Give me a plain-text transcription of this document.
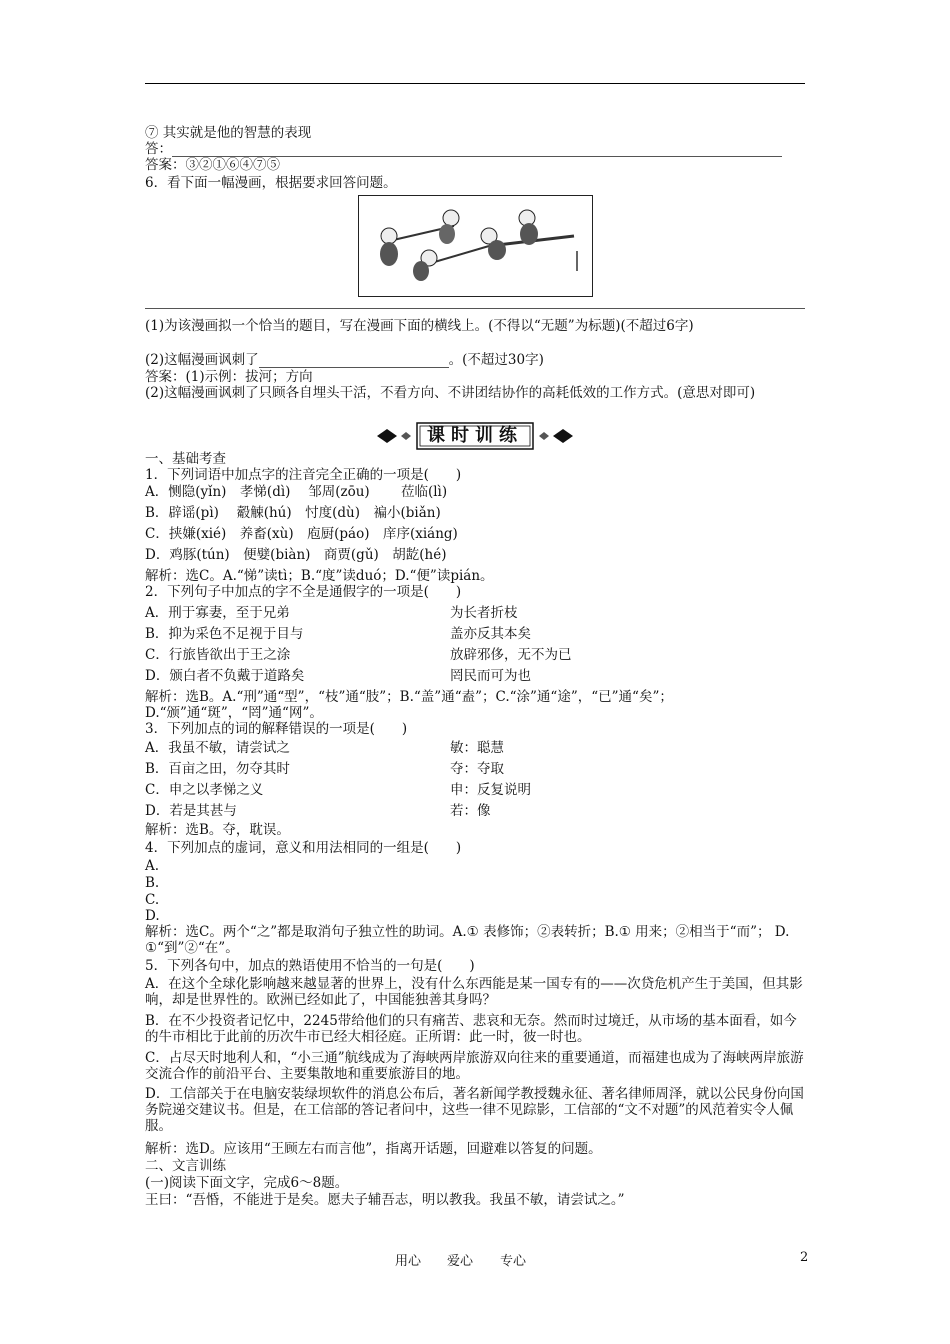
⑦ 其实就是他的智慧的表现
答：
答案：③②①⑥④⑦⑤
6．看下面一幅漫画，根据要求回答问题。
(1)为该漫画拟一个恰当的题目，写在漫画下面的横线上。(不得以“无题”为标题)(不超过6字)
(2)这幅漫画讽刺了	。(不超过30字)
答案：(1)示例：拔河；方向
(2)这幅漫画讽刺了只顾各自埋头干活，不看方向、不讲团结协作的高耗低效的工作方式。(意思对即可)
课时训练
一、基础考查
1．下列词语中加点字的注音完全正确的一项是(　　)
A．恻隐(yǐn)　孝悌(dì)　 邹周(zōu)　　 莅临(lì)
B．辟谣(pì)　 觳觫(hú)　忖度(dù)　褊小(biǎn)
C．挟嫌(xié)　养畜(xù)　庖厨(páo)　庠序(xiáng)
D．鸡豚(tún)　便嬖(biàn)　商贾(gǔ)　胡龁(hé)
解析：选C。A.“悌”读tì；B.“度”读duó；D.“便”读pián。
2．下列句子中加点的字不全是通假字的一项是(　　)
A．刑于寡妻，至于兄弟	为长者折枝
B．抑为采色不足视于目与	盖亦反其本矣
C．行旅皆欲出于王之涂	放辟邪侈，无不为已
D．颁白者不负戴于道路矣	罔民而可为也
解析：选B。A.“刑”通“型”，“枝”通“肢”；B.“盖”通“盍”；C.“涂”通“途”，“已”通“矣”；D.“颁”通“斑”，“罔”通“网”。
3．下列加点的词的解释错误的一项是(　　)
A．我虽不敏，请尝试之	敏：聪慧
B．百亩之田，勿夺其时	夺：夺取
C．申之以孝悌之义	申：反复说明
D．若是其甚与	若：像
解析：选B。夺，耽误。
4．下列加点的虚词，意义和用法相同的一组是(　　)
A.
B.
C.
D.
解析：选C。两个“之”都是取消句子独立性的助词。A.① 表修饰；②表转折；B.① 用来；②相当于“而”； D. ①“到”②“在”。
5．下列各句中，加点的熟语使用不恰当的一句是(　　)
A．在这个全球化影响越来越显著的世界上，没有什么东西能是某一国专有的——次贷危机产生于美国，但其影响，却是世界性的。欧洲已经如此了，中国能独善其身吗？
B．在不少投资者记忆中，2245带给他们的只有痛苦、悲哀和无奈。然而时过境迁，从市场的基本面看，如今的牛市相比于此前的历次牛市已经大相径庭。正所谓：此一时，彼一时也。
C．占尽天时地利人和，“小三通”航线成为了海峡两岸旅游双向往来的重要通道，而福建也成为了海峡两岸旅游交流合作的前沿平台、主要集散地和重要旅游目的地。
D．工信部关于在电脑安装绿坝软件的消息公布后，著名新闻学教授魏永征、著名律师周泽，就以公民身份向国务院递交建议书。但是，在工信部的答记者问中，这些一律不见踪影，工信部的“文不对题”的风范着实令人佩服。
解析：选D。应该用“王顾左右而言他”，指离开话题，回避难以答复的问题。
二、文言训练
(一)阅读下面文字，完成6～8题。
王曰：“吾惛，不能进于是矣。愿夫子辅吾志，明以教我。我虽不敏，请尝试之。”
用心 爱心 专心	2
